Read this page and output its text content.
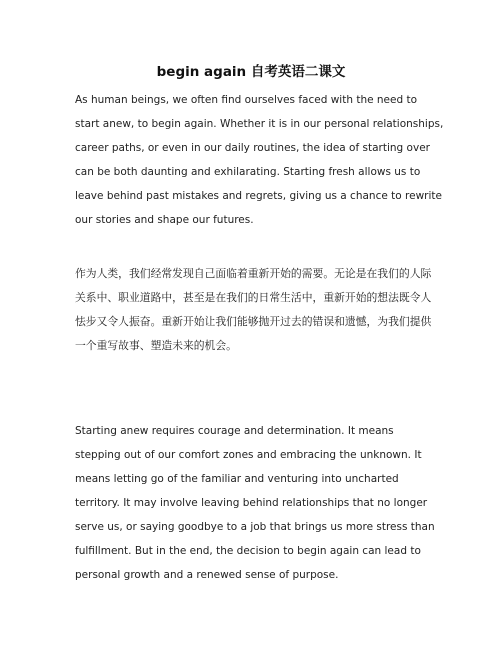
begin again 自考英语二课文

As human beings, we often find ourselves faced with the need to
start anew, to begin again. Whether it is in our personal relationships,
career paths, or even in our daily routines, the idea of starting over
can be both daunting and exhilarating. Starting fresh allows us to
leave behind past mistakes and regrets, giving us a chance to rewrite
our stories and shape our futures.

作为人类，我们经常发现自己面临着重新开始的需要。无论是在我们的人际
关系中、职业道路中，甚至是在我们的日常生活中，重新开始的想法既令人
怯步又令人振奋。重新开始让我们能够抛开过去的错误和遗憾，为我们提供
一个重写故事、塑造未来的机会。

Starting anew requires courage and determination. It means
stepping out of our comfort zones and embracing the unknown. It
means letting go of the familiar and venturing into uncharted
territory. It may involve leaving behind relationships that no longer
serve us, or saying goodbye to a job that brings us more stress than
fulfillment. But in the end, the decision to begin again can lead to
personal growth and a renewed sense of purpose.
